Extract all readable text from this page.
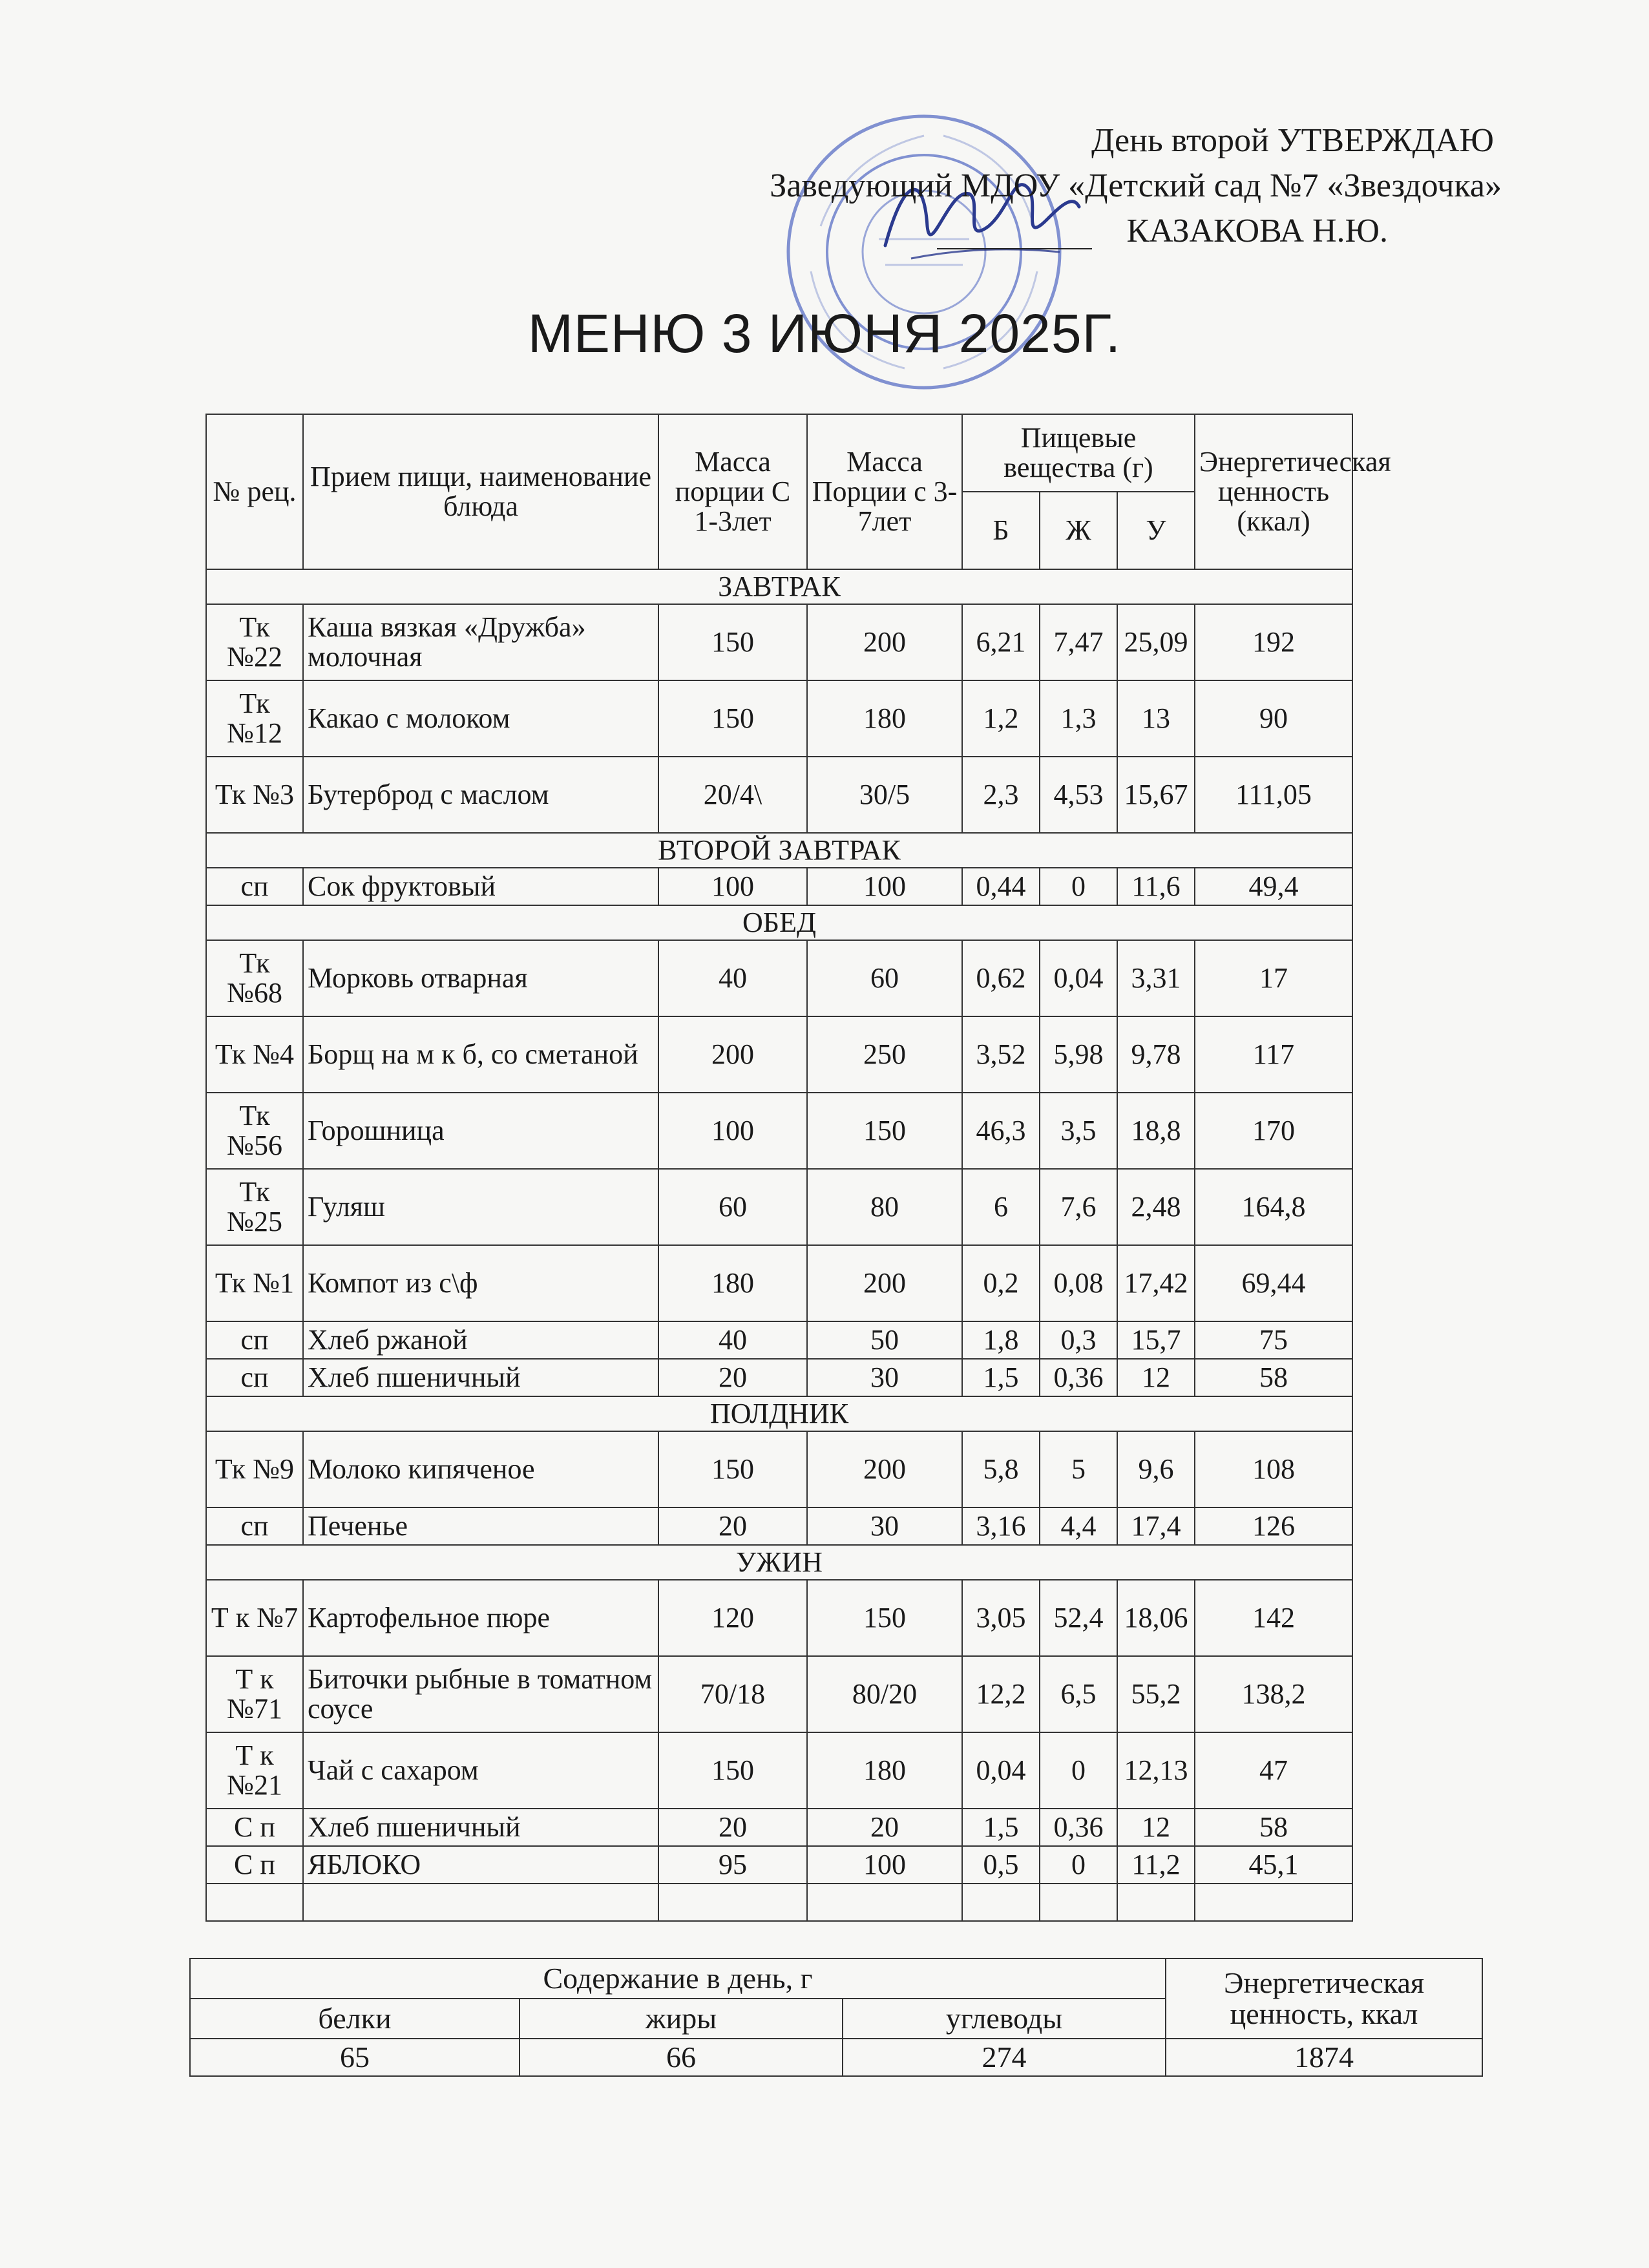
День второй УТВЕРЖДАЮ
Заведующий МДОУ «Детский сад №7 «Звездочка»
КАЗАКОВА Н.Ю.
МЕНЮ 3 ИЮНЯ 2025Г.
№ рец.	Прием пищи, наименование блюда	Масса порции С 1-3лет	Масса Порции с 3-7лет	Пищевые вещества (г)			Энергетическая ценность (ккал)
				Б	Ж	У	
ЗАВТРАК							
Тк №22	Каша вязкая «Дружба» молочная	150	200	6,21	7,47	25,09	192
Тк №12	Какао с молоком	150	180	1,2	1,3	13	90
Тк №3	Бутерброд с маслом	20/4\	30/5	2,3	4,53	15,67	111,05
ВТОРОЙ ЗАВТРАК							
сп	Сок фруктовый	100	100	0,44	0	11,6	49,4
ОБЕД							
Тк №68	Морковь отварная	40	60	0,62	0,04	3,31	17
Тк №4	Борщ на м к б, со сметаной	200	250	3,52	5,98	9,78	117
Тк №56	Горошница	100	150	46,3	3,5	18,8	170
Тк №25	Гуляш	60	80	6	7,6	2,48	164,8
Тк №1	Компот из с\ф	180	200	0,2	0,08	17,42	69,44
сп	Хлеб ржаной	40	50	1,8	0,3	15,7	75
сп	Хлеб пшеничный	20	30	1,5	0,36	12	58
ПОЛДНИК							
Тк №9	Молоко кипяченое	150	200	5,8	5	9,6	108
сп	Печенье	20	30	3,16	4,4	17,4	126
УЖИН							
Т к №7	Картофельное пюре	120	150	3,05	52,4	18,06	142
Т к №71	Биточки рыбные в томатном соусе	70/18	80/20	12,2	6,5	55,2	138,2
Т к №21	Чай с сахаром	150	180	0,04	0	12,13	47
С п	Хлеб пшеничный	20	20	1,5	0,36	12	58
С п	ЯБЛОКО	95	100	0,5	0	11,2	45,1

Содержание в день, г			Энергетическая ценность, ккал
белки	жиры	углеводы	
65	66	274	1874
